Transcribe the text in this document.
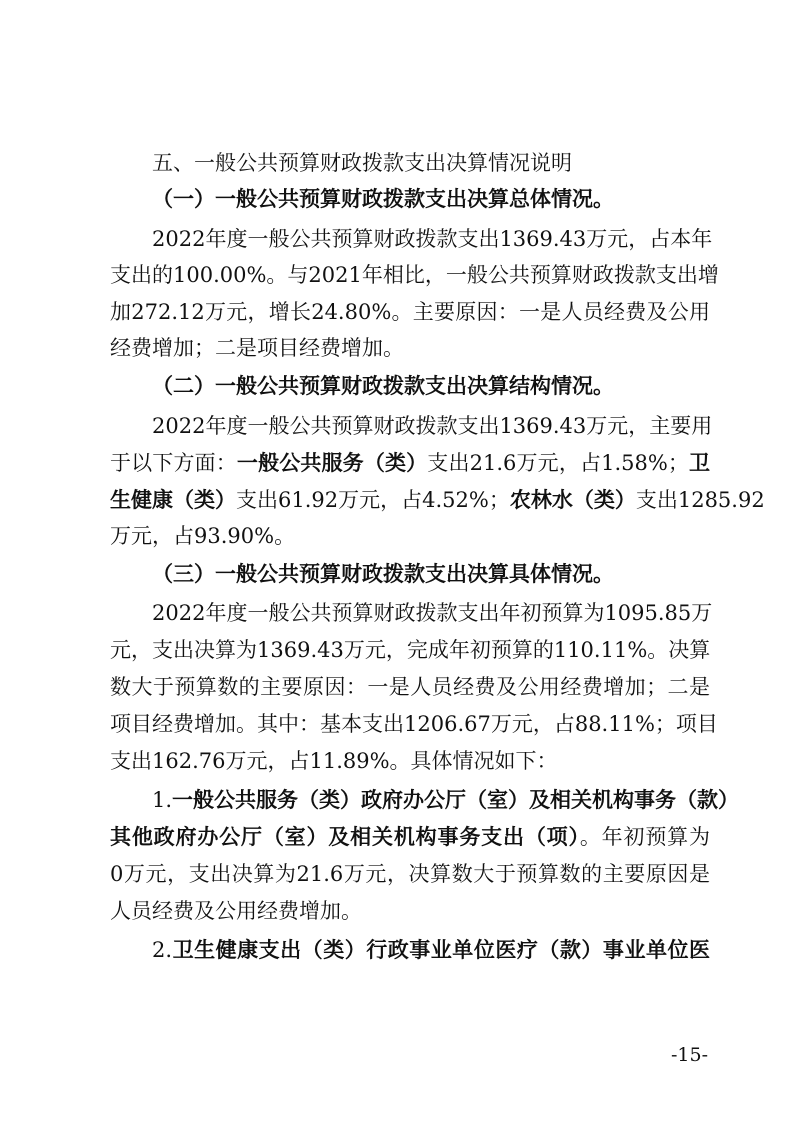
五、一般公共预算财政拨款支出决算情况说明
（一）一般公共预算财政拨款支出决算总体情况。
2022年度一般公共预算财政拨款支出1369.43万元，占本年
支出的100.00%。与2021年相比，一般公共预算财政拨款支出增
加272.12万元，增长24.80%。主要原因：一是人员经费及公用
经费增加；二是项目经费增加。
（二）一般公共预算财政拨款支出决算结构情况。
2022年度一般公共预算财政拨款支出1369.43万元，主要用
于以下方面：一般公共服务（类）支出21.6万元，占1.58%；卫
生健康（类）支出61.92万元，占4.52%；农林水（类）支出1285.92
万元，占93.90%。
（三）一般公共预算财政拨款支出决算具体情况。
2022年度一般公共预算财政拨款支出年初预算为1095.85万
元，支出决算为1369.43万元，完成年初预算的110.11%。决算
数大于预算数的主要原因：一是人员经费及公用经费增加；二是
项目经费增加。其中：基本支出1206.67万元，占88.11%；项目
支出162.76万元，占11.89%。具体情况如下：
1.一般公共服务（类）政府办公厅（室）及相关机构事务（款）
其他政府办公厅（室）及相关机构事务支出（项）。年初预算为
0万元，支出决算为21.6万元，决算数大于预算数的主要原因是
人员经费及公用经费增加。
2.卫生健康支出（类）行政事业单位医疗（款）事业单位医
-15-
